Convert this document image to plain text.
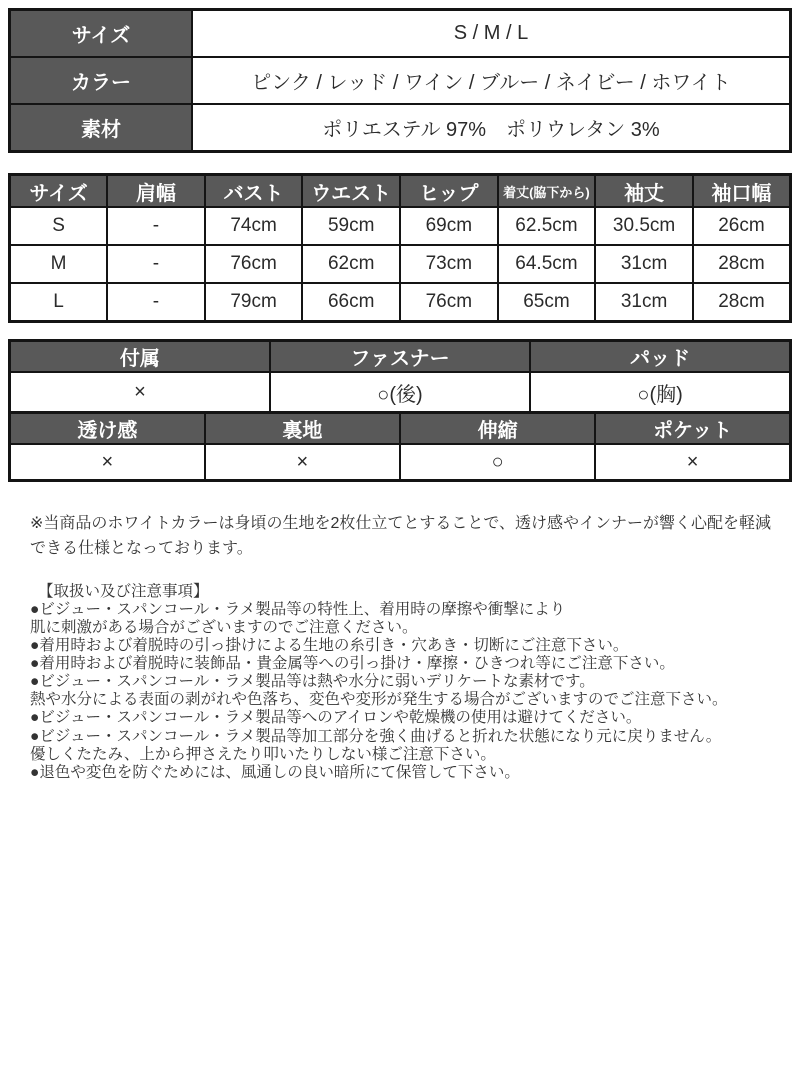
サイズ	S / M / L
カラー	ピンク / レッド / ワイン / ブルー / ネイビー / ホワイト
素材	ポリエステル 97%　ポリウレタン 3%
サイズ	肩幅	バスト	ウエスト	ヒップ	着丈(脇下から)	袖丈	袖口幅
S	-	74cm	59cm	69cm	62.5cm	30.5cm	26cm
M	-	76cm	62cm	73cm	64.5cm	31cm	28cm
L	-	79cm	66cm	76cm	65cm	31cm	28cm
付属	ファスナー	パッド
×	○(後)	○(胸)
透け感	裏地	伸縮	ポケット
×	×	○	×
※当商品のホワイトカラーは身頃の生地を2枚仕立てとすることで、透け感やインナーが響く心配を軽減できる仕様となっております。
【取扱い及び注意事項】
●ビジュー・スパンコール・ラメ製品等の特性上、着用時の摩擦や衝撃により
肌に刺激がある場合がございますのでご注意ください。
●着用時および着脱時の引っ掛けによる生地の糸引き・穴あき・切断にご注意下さい。
●着用時および着脱時に装飾品・貴金属等への引っ掛け・摩擦・ひきつれ等にご注意下さい。
●ビジュー・スパンコール・ラメ製品等は熱や水分に弱いデリケートな素材です。
熱や水分による表面の剥がれや色落ち、変色や変形が発生する場合がございますのでご注意下さい。
●ビジュー・スパンコール・ラメ製品等へのアイロンや乾燥機の使用は避けてください。
●ビジュー・スパンコール・ラメ製品等加工部分を強く曲げると折れた状態になり元に戻りません。
優しくたたみ、上から押さえたり叩いたりしない様ご注意下さい。
●退色や変色を防ぐためには、風通しの良い暗所にて保管して下さい。
